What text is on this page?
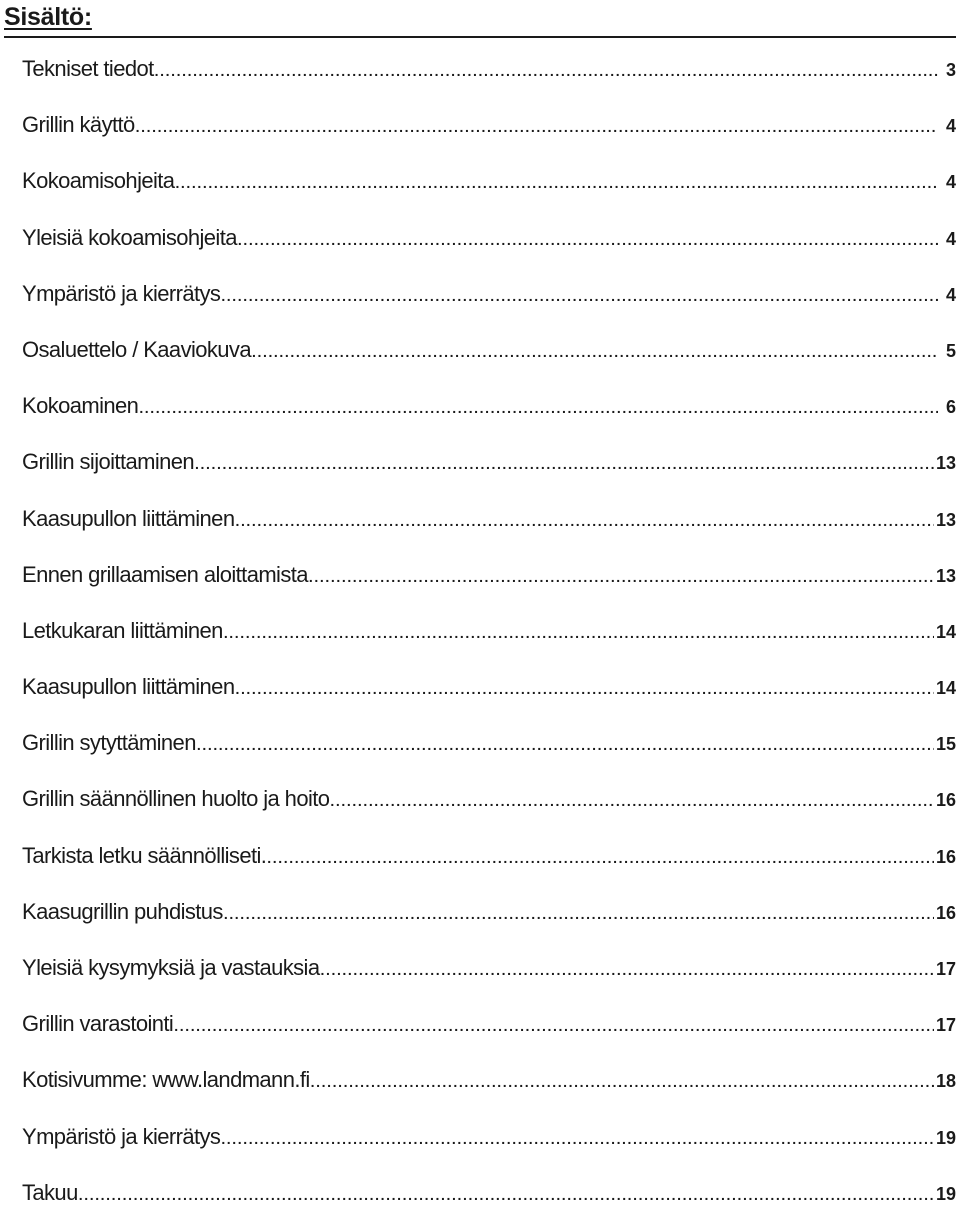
Sisältö:
Tekniset tiedot .....	3
Grillin käyttö .....	4
Kokoamisohjeita .....	4
Yleisiä kokoamisohjeita .....	4
Ympäristö ja kierrätys .....	4
Osaluettelo / Kaaviokuva .....	5
Kokoaminen .....	6
Grillin sijoittaminen .....	13
Kaasupullon liittäminen .....	13
Ennen grillaamisen aloittamista .....	13
Letkukaran liittäminen .....	14
Kaasupullon liittäminen .....	14
Grillin sytyttäminen .....	15
Grillin säännöllinen huolto ja hoito .....	16
Tarkista letku säännölliseti. .....	16
Kaasugrillin puhdistus .....	16
Yleisiä kysymyksiä ja vastauksia .....	17
Grillin varastointi .....	17
Kotisivumme: www.landmann.fi .....	18
Ympäristö ja kierrätys .....	19
Takuu .....	19
